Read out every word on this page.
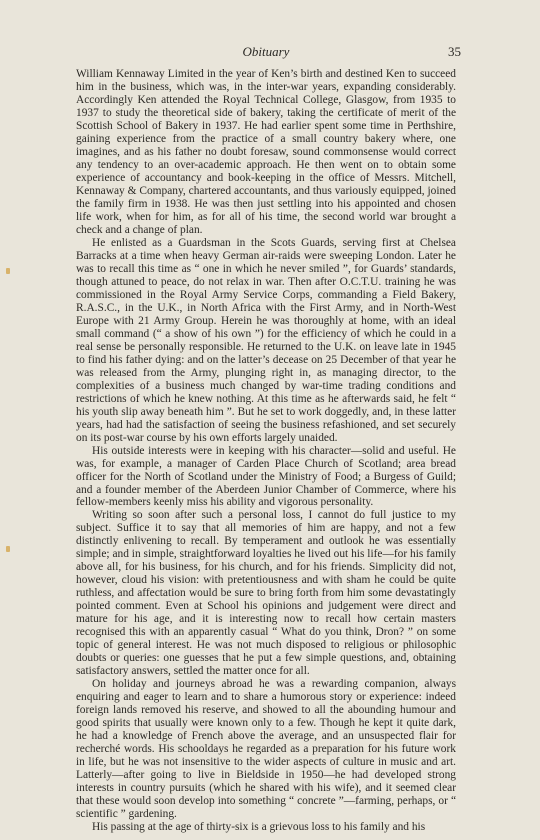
Obituary	35

William Kennaway Limited in the year of Ken’s birth and destined Ken to succeed him in the business, which was, in the inter-war years, expanding considerably. Accordingly Ken attended the Royal Technical College, Glasgow, from 1935 to 1937 to study the theoretical side of bakery, taking the certificate of merit of the Scottish School of Bakery in 1937. He had earlier spent some time in Perthshire, gaining experience from the practice of a small country bakery where, one imagines, and as his father no doubt foresaw, sound commonsense would correct any tendency to an over-academic approach. He then went on to obtain some experience of accountancy and book-keeping in the office of Messrs. Mitchell, Kennaway & Company, chartered accountants, and thus variously equipped, joined the family firm in 1938. He was then just settling into his appointed and chosen life work, when for him, as for all of his time, the second world war brought a check and a change of plan.

He enlisted as a Guardsman in the Scots Guards, serving first at Chelsea Barracks at a time when heavy German air-raids were sweeping London. Later he was to recall this time as “ one in which he never smiled ”, for Guards’ standards, though attuned to peace, do not relax in war. Then after O.C.T.U. training he was commissioned in the Royal Army Service Corps, commanding a Field Bakery, R.A.S.C., in the U.K., in North Africa with the First Army, and in North-West Europe with 21 Army Group. Herein he was thoroughly at home, with an ideal small command (“ a show of his own ”) for the efficiency of which he could in a real sense be personally responsible. He returned to the U.K. on leave late in 1945 to find his father dying: and on the latter’s decease on 25 December of that year he was released from the Army, plunging right in, as managing director, to the complexities of a business much changed by war-time trading conditions and restrictions of which he knew nothing. At this time as he afterwards said, he felt “ his youth slip away beneath him ”. But he set to work doggedly, and, in these latter years, had had the satisfaction of seeing the business refashioned, and set securely on its post-war course by his own efforts largely unaided.

His outside interests were in keeping with his character—solid and useful. He was, for example, a manager of Carden Place Church of Scotland; area bread officer for the North of Scotland under the Ministry of Food; a Burgess of Guild; and a founder member of the Aberdeen Junior Chamber of Commerce, where his fellow-members keenly miss his ability and vigorous personality.

Writing so soon after such a personal loss, I cannot do full justice to my subject. Suffice it to say that all memories of him are happy, and not a few distinctly enlivening to recall. By temperament and outlook he was essentially simple; and in simple, straightforward loyalties he lived out his life—for his family above all, for his business, for his church, and for his friends. Simplicity did not, however, cloud his vision: with pretentiousness and with sham he could be quite ruthless, and affectation would be sure to bring forth from him some devastatingly pointed comment. Even at School his opinions and judgement were direct and mature for his age, and it is interesting now to recall how certain masters recognised this with an apparently casual “ What do you think, Dron? ” on some topic of general interest. He was not much disposed to religious or philosophic doubts or queries: one guesses that he put a few simple questions, and, obtaining satisfactory answers, settled the matter once for all.

On holiday and journeys abroad he was a rewarding companion, always enquiring and eager to learn and to share a humorous story or experience: indeed foreign lands removed his reserve, and showed to all the abounding humour and good spirits that usually were known only to a few. Though he kept it quite dark, he had a knowledge of French above the average, and an unsuspected flair for recherché words. His schooldays he regarded as a preparation for his future work in life, but he was not insensitive to the wider aspects of culture in music and art. Latterly—after going to live in Bieldside in 1950—he had developed strong interests in country pursuits (which he shared with his wife), and it seemed clear that these would soon develop into something “ concrete ”—farming, perhaps, or “ scientific ” gardening.

His passing at the age of thirty-six is a grievous loss to his family and his
